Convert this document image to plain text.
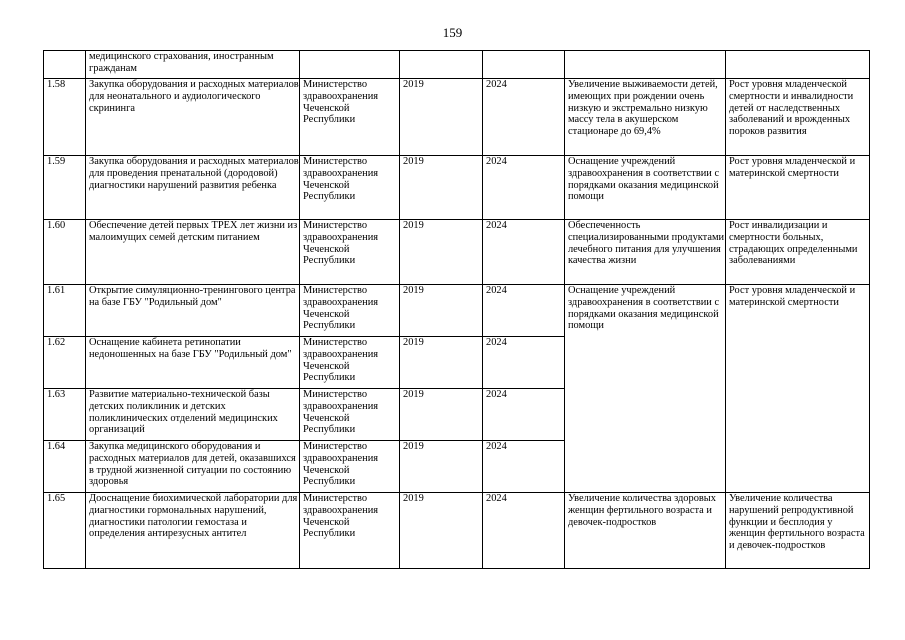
159
	медицинского страхования, иностранным гражданам					
1.58	Закупка оборудования и расходных материалов для неонатального и аудиологического скрининга	Министерство здравоохранения Чеченской Республики	2019	2024	Увеличение выживаемости детей, имеющих при рождении очень низкую и экстремально низкую массу тела в акушерском стационаре до 69,4%	Рост уровня младенческой смертности и инвалидности детей от наследственных заболеваний и врожденных пороков развития
1.59	Закупка оборудования и расходных материалов для проведения пренатальной (дородовой) диагностики нарушений развития ребенка	Министерство здравоохранения Чеченской Республики	2019	2024	Оснащение учреждений здравоохранения в соответствии с порядками оказания медицинской помощи	Рост уровня младенческой и материнской смертности
1.60	Обеспечение детей первых ТРЕХ лет жизни из малоимущих семей детским питанием	Министерство здравоохранения Чеченской Республики	2019	2024	Обеспеченность специализированными продуктами лечебного питания для улучшения качества жизни	Рост инвалидизации и смертности больных, страдающих определенными заболеваниями
1.61	Открытие симуляционно-тренингового центра на базе ГБУ "Родильный дом"	Министерство здравоохранения Чеченской Республики	2019	2024	Оснащение учреждений здравоохранения в соответствии с порядками оказания медицинской помощи	Рост уровня младенческой и материнской смертности
1.62	Оснащение кабинета ретинопатии недоношенных на базе ГБУ "Родильный дом"	Министерство здравоохранения Чеченской Республики	2019	2024		
1.63	Развитие материально-технической базы детских поликлиник и детских поликлинических отделений медицинских организаций	Министерство здравоохранения Чеченской Республики	2019	2024		
1.64	Закупка медицинского оборудования и расходных материалов для детей, оказавшихся в трудной жизненной ситуации по состоянию здоровья	Министерство здравоохранения Чеченской Республики	2019	2024		
1.65	Дооснащение биохимической лаборатории для диагностики гормональных нарушений, диагностики патологии гемостаза и определения антирезусных антител	Министерство здравоохранения Чеченской Республики	2019	2024	Увеличение количества здоровых женщин фертильного возраста и девочек-подростков	Увеличение количества нарушений репродуктивной функции и бесплодия у женщин фертильного возраста и девочек-подростков
